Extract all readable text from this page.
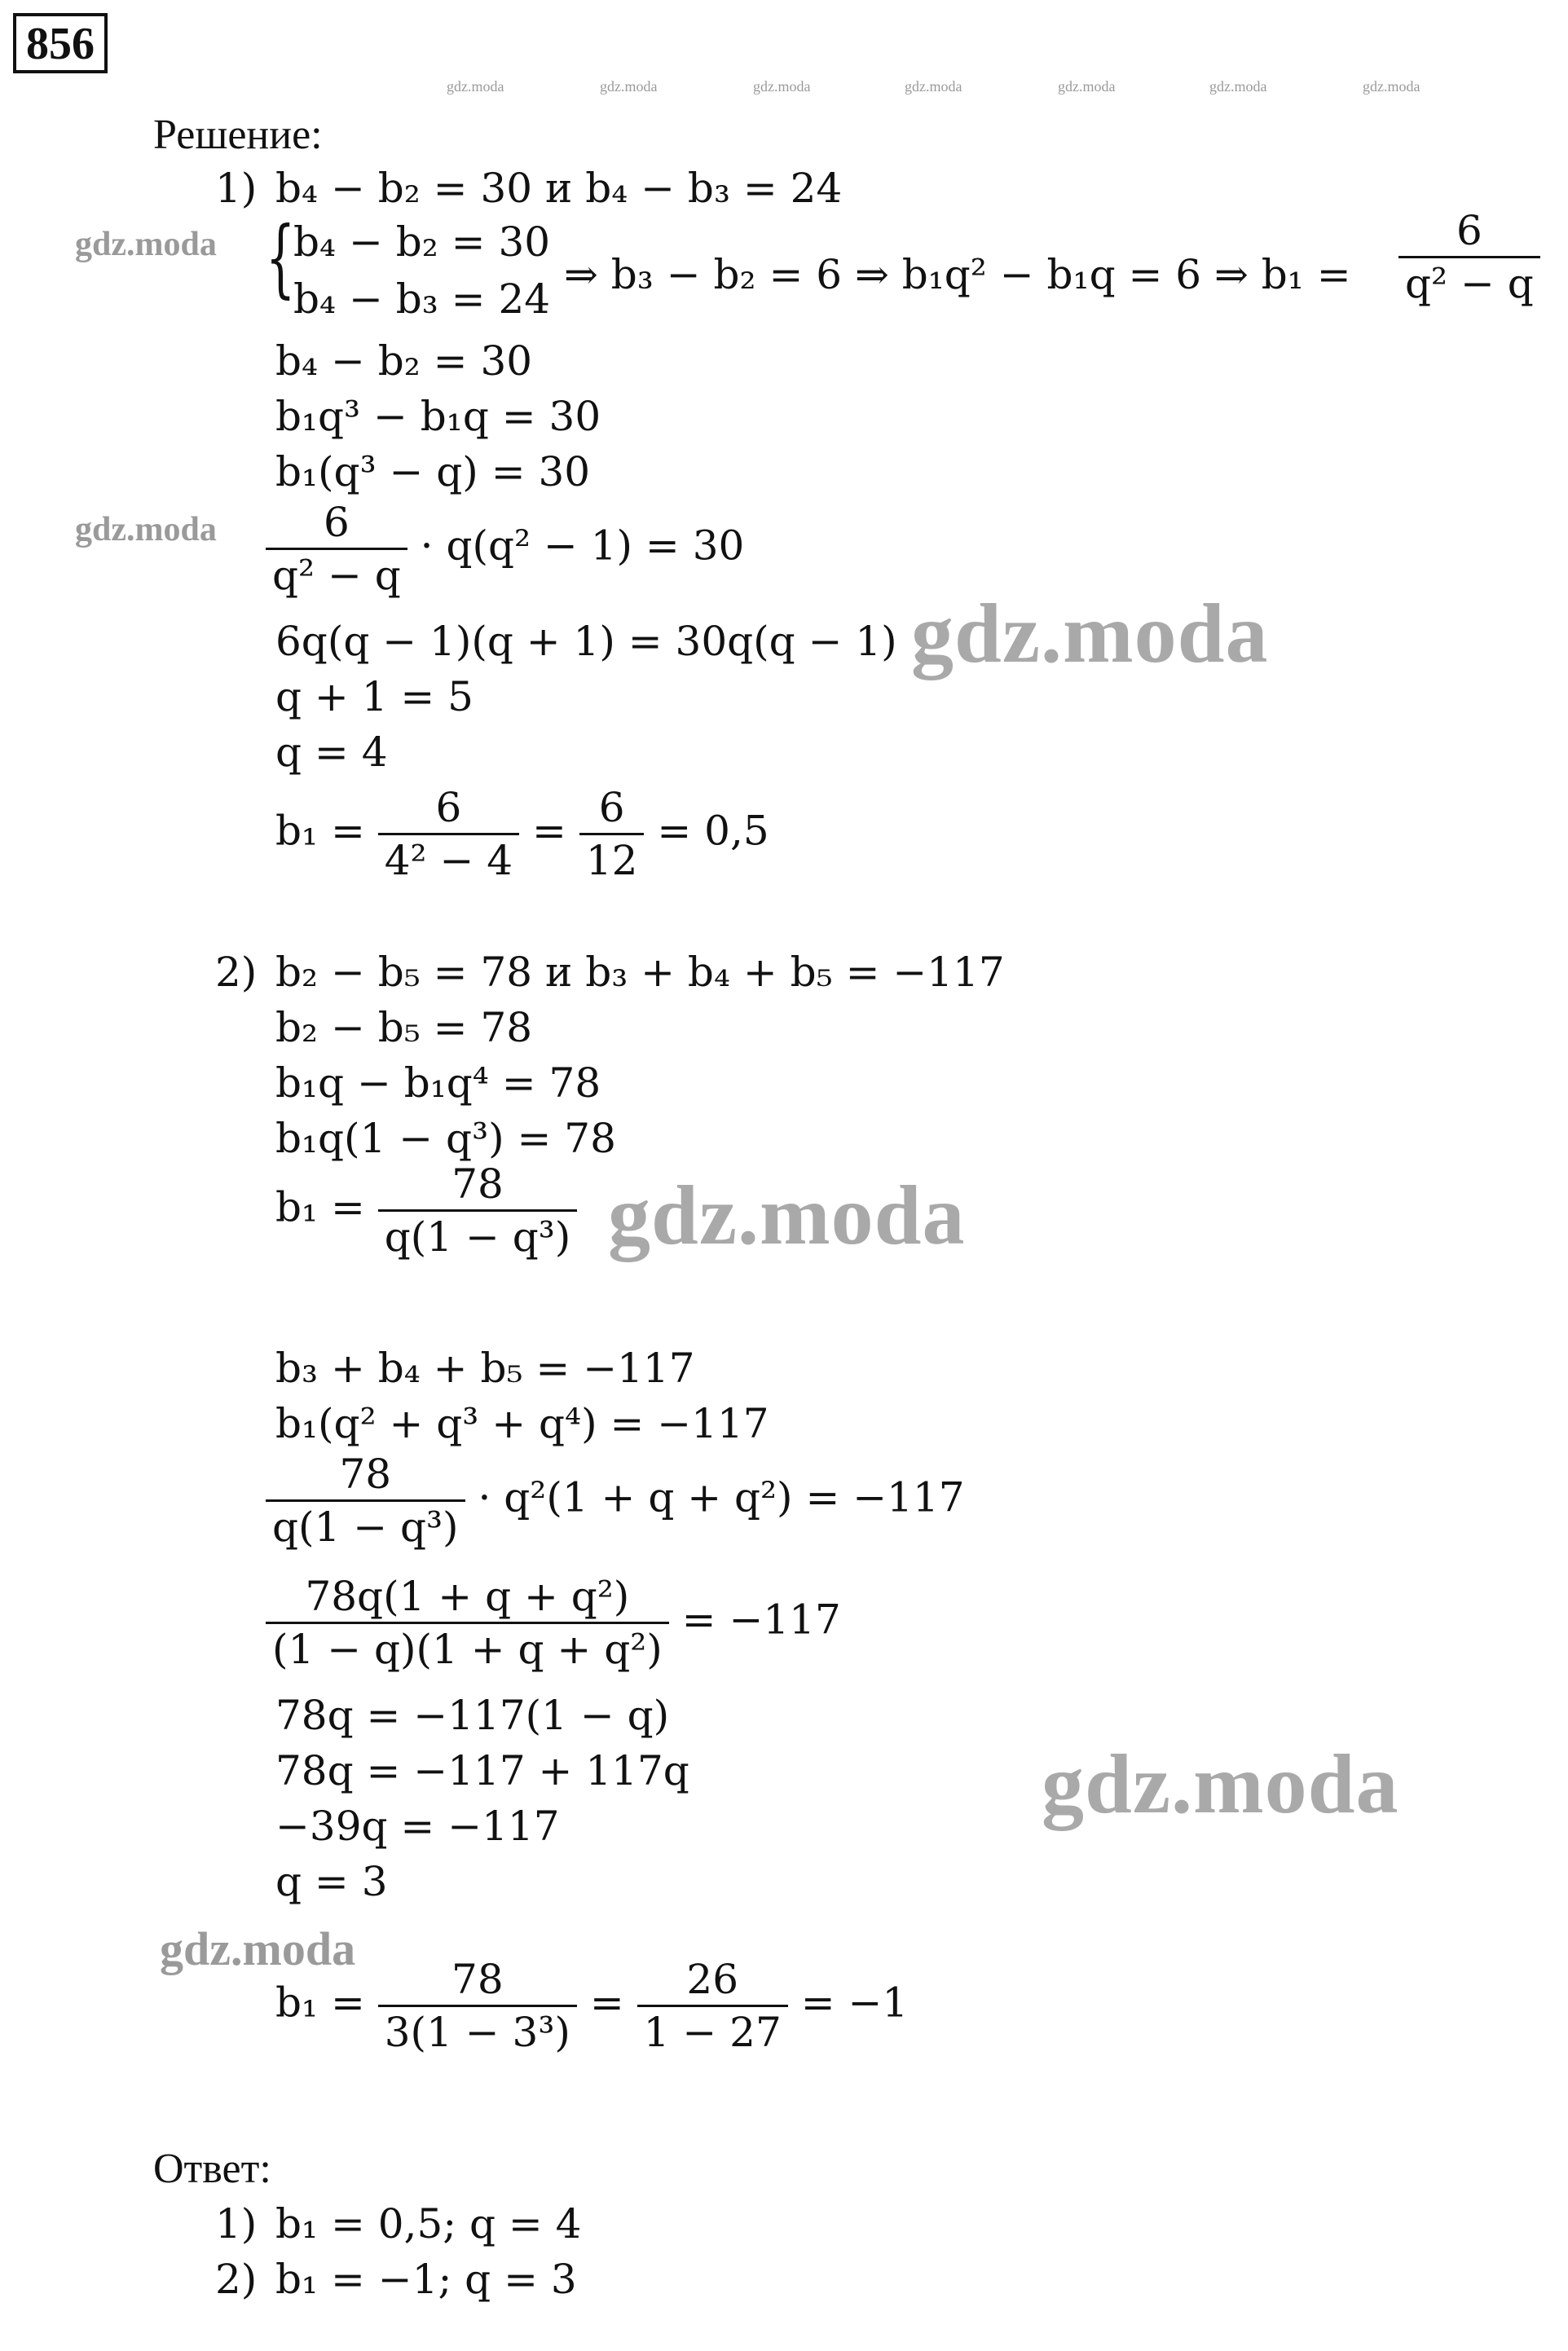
856
gdz.moda	gdz.moda	gdz.moda	gdz.moda	gdz.moda	gdz.moda	gdz.moda
gdz.moda
gdz.moda
gdz.moda
gdz.moda
gdz.moda
gdz.moda
Решение:
1) b₄ − b₂ = 30 и b₄ − b₃ = 24
{
b₄ − b₂ = 30
b₄ − b₃ = 24
⇒ b₃ − b₂ = 6 ⇒ b₁q² − b₁q = 6 ⇒ $b_1 = \frac{6}{\text{q² − q}}$
b₄ − b₂ = 30
b₁q³ − b₁q = 30
b₁(q³ − q) = 30
$\frac{6}{\text{q² − q}} \cdot q(q^2 - 1) = 30$
6q(q − 1)(q + 1) = 30q(q − 1)
q + 1 = 5
q = 4
$b_1 = \frac{6}{\text{4² − 4}} = \frac{6}{12} = 0,5$
2) b₂ − b₅ = 78 и b₃ + b₄ + b₅ = −117
b₂ − b₅ = 78
b₁q − b₁q⁴ = 78
b₁q(1 − q³) = 78
$b_1 = \frac{78}{\text{q(1 − q³)}}$
b₃ + b₄ + b₅ = −117
b₁(q² + q³ + q⁴) = −117
$\frac{78}{\text{q(1 − q³)}} \cdot q^2(1 + q + q^2) = -117$
$\frac{\text{78q(1 + q + q²)}}{\text{(1 − q)(1 + q + q²)}} = -117$
78q = −117(1 − q)
78q = −117 + 117q
−39q = −117
q = 3
$b_1 = \frac{78}{\text{3(1 − 3³)}} = \frac{26}{1 - 27} = -1$
Ответ:
1) b₁ = 0,5; q = 4
2) b₁ = −1; q = 3
